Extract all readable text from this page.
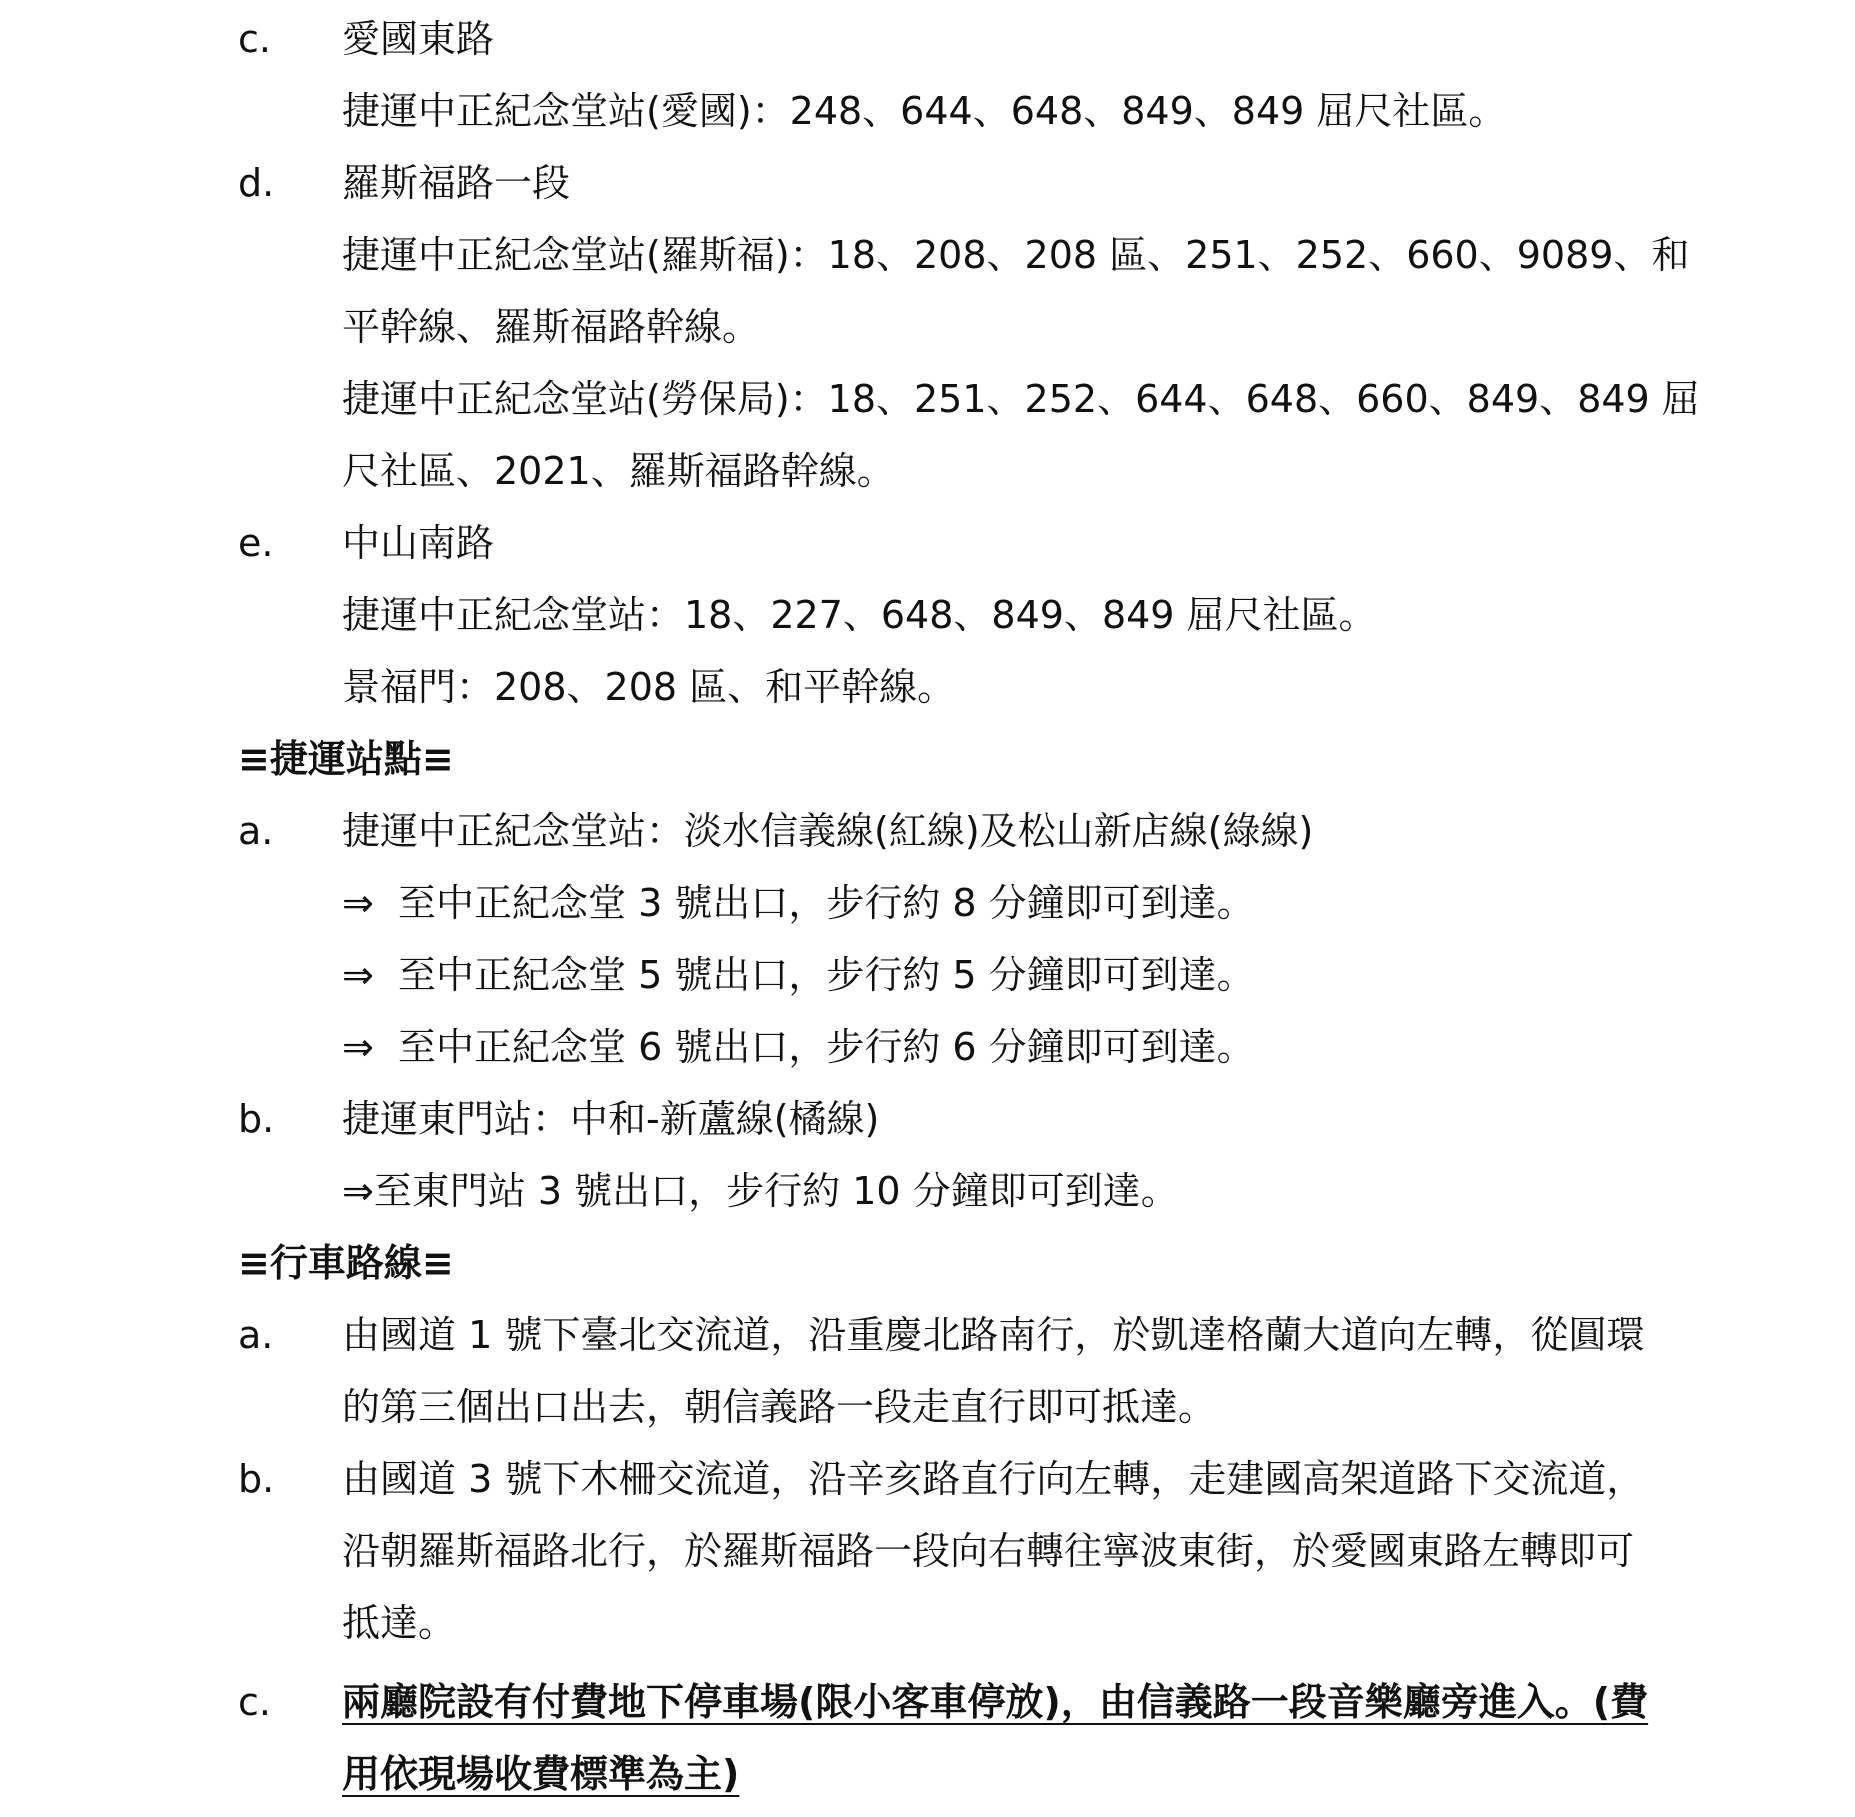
c. 愛國東路
捷運中正紀念堂站(愛國)：248、644、648、849、849 屈尺社區。
d. 羅斯福路一段
捷運中正紀念堂站(羅斯福)：18、208、208 區、251、252、660、9089、和
平幹線、羅斯福路幹線。
捷運中正紀念堂站(勞保局)：18、251、252、644、648、660、849、849 屈
尺社區、2021、羅斯福路幹線。
e. 中山南路
捷運中正紀念堂站：18、227、648、849、849 屈尺社區。
景福門：208、208 區、和平幹線。
≡捷運站點≡
a. 捷運中正紀念堂站：淡水信義線(紅線)及松山新店線(綠線)
⇒ 至中正紀念堂 3 號出口，步行約 8 分鐘即可到達。
⇒ 至中正紀念堂 5 號出口，步行約 5 分鐘即可到達。
⇒ 至中正紀念堂 6 號出口，步行約 6 分鐘即可到達。
b. 捷運東門站：中和-新蘆線(橘線)
⇒至東門站 3 號出口，步行約 10 分鐘即可到達。
≡行車路線≡
a. 由國道 1 號下臺北交流道，沿重慶北路南行，於凱達格蘭大道向左轉，從圓環
的第三個出口出去，朝信義路一段走直行即可抵達。
b. 由國道 3 號下木柵交流道，沿辛亥路直行向左轉，走建國高架道路下交流道，
沿朝羅斯福路北行，於羅斯福路一段向右轉往寧波東街，於愛國東路左轉即可
抵達。
c. 兩廳院設有付費地下停車場(限小客車停放)，由信義路一段音樂廳旁進入。(費
用依現場收費標準為主)
